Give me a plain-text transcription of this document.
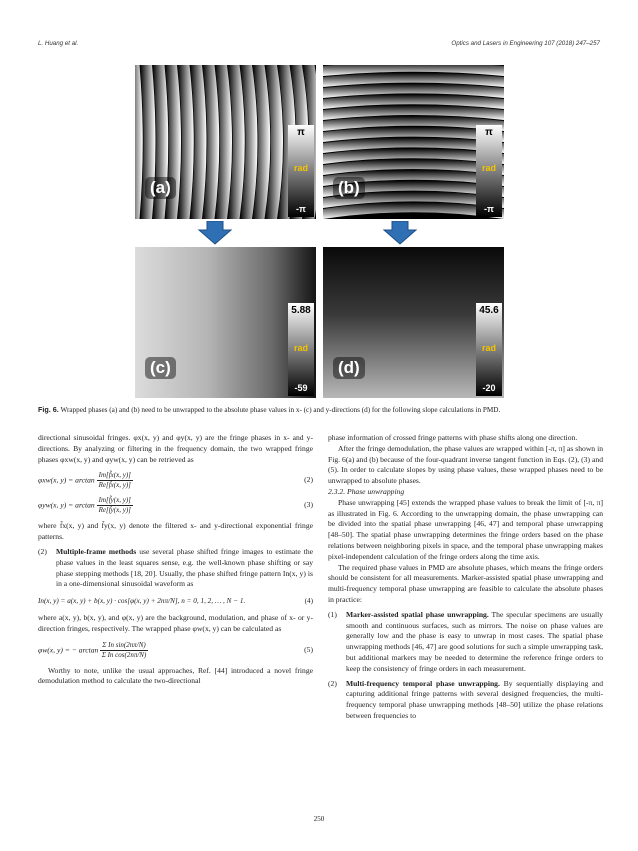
L. Huang et al.	Optics and Lasers in Engineering 107 (2018) 247–257
(a)
π
rad
-π
(b)
π
rad
-π
(c)
5.88
rad
-59
(d)
45.6
rad
-20
Fig. 6. Wrapped phases (a) and (b) need to be unwrapped to the absolute phase values in x- (c) and y-directions (d) for the following slope calculations in PMD.

directional sinusoidal fringes. φx(x, y) and φy(x, y) are the fringe phases in x- and y-directions. By analyzing or filtering in the frequency domain, the two wrapped fringe phases φxw(x, y) and φyw(x, y) can be retrieved as

φxw(x, $y) = \arctan \frac{Im[f̃x(x, y)]}{Re[f̃x(x, y)]}$	(2)
φyw(x, $y) = \arctan \frac{Im[f̃y(x, y)]}{Re[f̃y(x, y)]}$	(3)

where f̃x(x, y) and f̃y(x, y) denote the filtered x- and y-directional exponential fringe patterns.

(2)	Multiple-frame methods use several phase shifted fringe images to estimate the phase values in the least squares sense, e.g. the well-known phase shifting or say phase stepping methods [18, 20]. Usually, the phase shifted fringe pattern In(x, y) is in a one-dimensional sinusoidal waveform as
In(x, y) = a(x, y) + b(x, y) · cos[φ(x, y) + 2nπ/N], n = 0, 1, 2, … , N − 1.	(4)

where a(x, y), b(x, y), and φ(x, y) are the background, modulation, and phase of x- or y-direction fringes, respectively. The wrapped phase φw(x, y) can be calculated as

φw(x, y) = − $\arctan \frac{\text{Σ In sin(2nπ/N)}}{\text{Σ In cos(2nπ/N)}}$	(5)

Worthy to note, unlike the usual approaches, Ref. [44] introduced a novel fringe demodulation method to calculate the two-directional

phase information of crossed fringe patterns with phase shifts along one direction.

After the fringe demodulation, the phase values are wrapped within [-π, π] as shown in Fig. 6(a) and (b) because of the four-quadrant inverse tangent function in Eqs. (2), (3) and (5). In order to calculate slopes by using phase values, these wrapped phases need to be unwrapped to absolute phases.

2.3.2. Phase unwrapping

Phase unwrapping [45] extends the wrapped phase values to break the limit of [-π, π] as illustrated in Fig. 6. According to the unwrapping domain, the phase unwrapping can be divided into the spatial phase unwrapping [46, 47] and temporal phase unwrapping [48–50]. The spatial phase unwrapping determines the fringe orders based on the phase relations between neighboring pixels in space, and the temporal phase unwrapping makes pixel-independent calculation of the fringe orders along the time axis.

The required phase values in PMD are absolute phases, which means the fringe orders should be consistent for all measurements. Marker-assisted spatial phase unwrapping and multi-frequency temporal phase unwrapping are feasible to calculate the absolute phases in practice:

(1)	Marker-assisted spatial phase unwrapping. The specular specimens are usually smooth and continuous surfaces, such as mirrors. The noise on phase values are generally low and the phase is easy to unwrap in most cases. The spatial phase unwrapping methods [46, 47] are good solutions for such a simple unwrapping task, but additional markers may be needed to determine the reference fringe orders to keep the consistency of fringe orders in each measurement.
(2)	Multi-frequency temporal phase unwrapping. By sequentially displaying and capturing additional fringe patterns with several designed frequencies, the multi-frequency temporal phase unwrapping methods [48–50] utilize the phase relations between frequencies to
250
